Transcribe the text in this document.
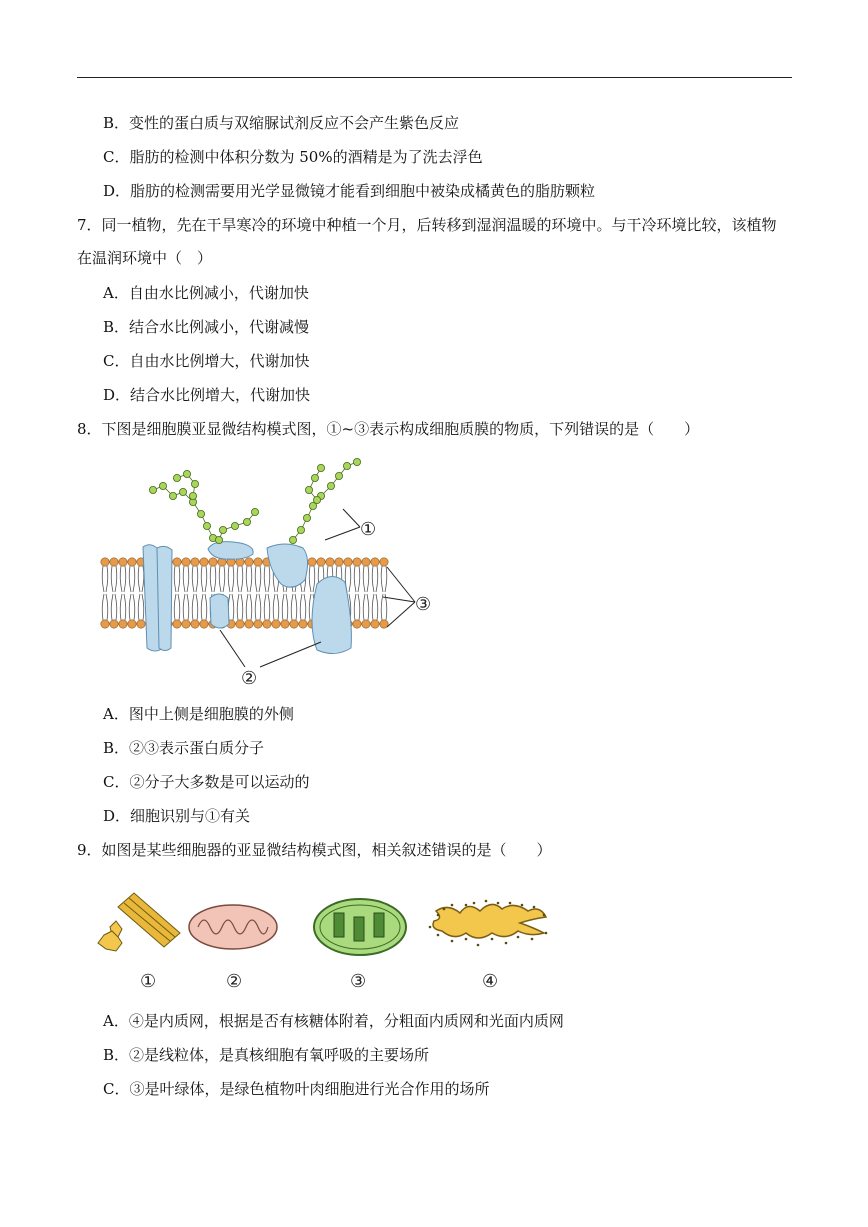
B．变性的蛋白质与双缩脲试剂反应不会产生紫色反应
C．脂肪的检测中体积分数为 50%的酒精是为了洗去浮色
D．脂肪的检测需要用光学显微镜才能看到细胞中被染成橘黄色的脂肪颗粒
7．同一植物，先在干旱寒冷的环境中种植一个月，后转移到湿润温暖的环境中。与干冷环境比较，该植物
在温润环境中（　）
A．自由水比例减小，代谢加快
B．结合水比例减小，代谢减慢
C．自由水比例增大，代谢加快
D．结合水比例增大，代谢加快
8．下图是细胞膜亚显微结构模式图，①~③表示构成细胞质膜的物质，下列错误的是（　　）
①
③
②
A．图中上侧是细胞膜的外侧
B．②③表示蛋白质分子
C．②分子大多数是可以运动的
D．细胞识别与①有关
9．如图是某些细胞器的亚显微结构模式图，相关叙述错误的是（　　）
①	②	③	④
A．④是内质网，根据是否有核糖体附着，分粗面内质网和光面内质网
B．②是线粒体，是真核细胞有氧呼吸的主要场所
C．③是叶绿体，是绿色植物叶肉细胞进行光合作用的场所
